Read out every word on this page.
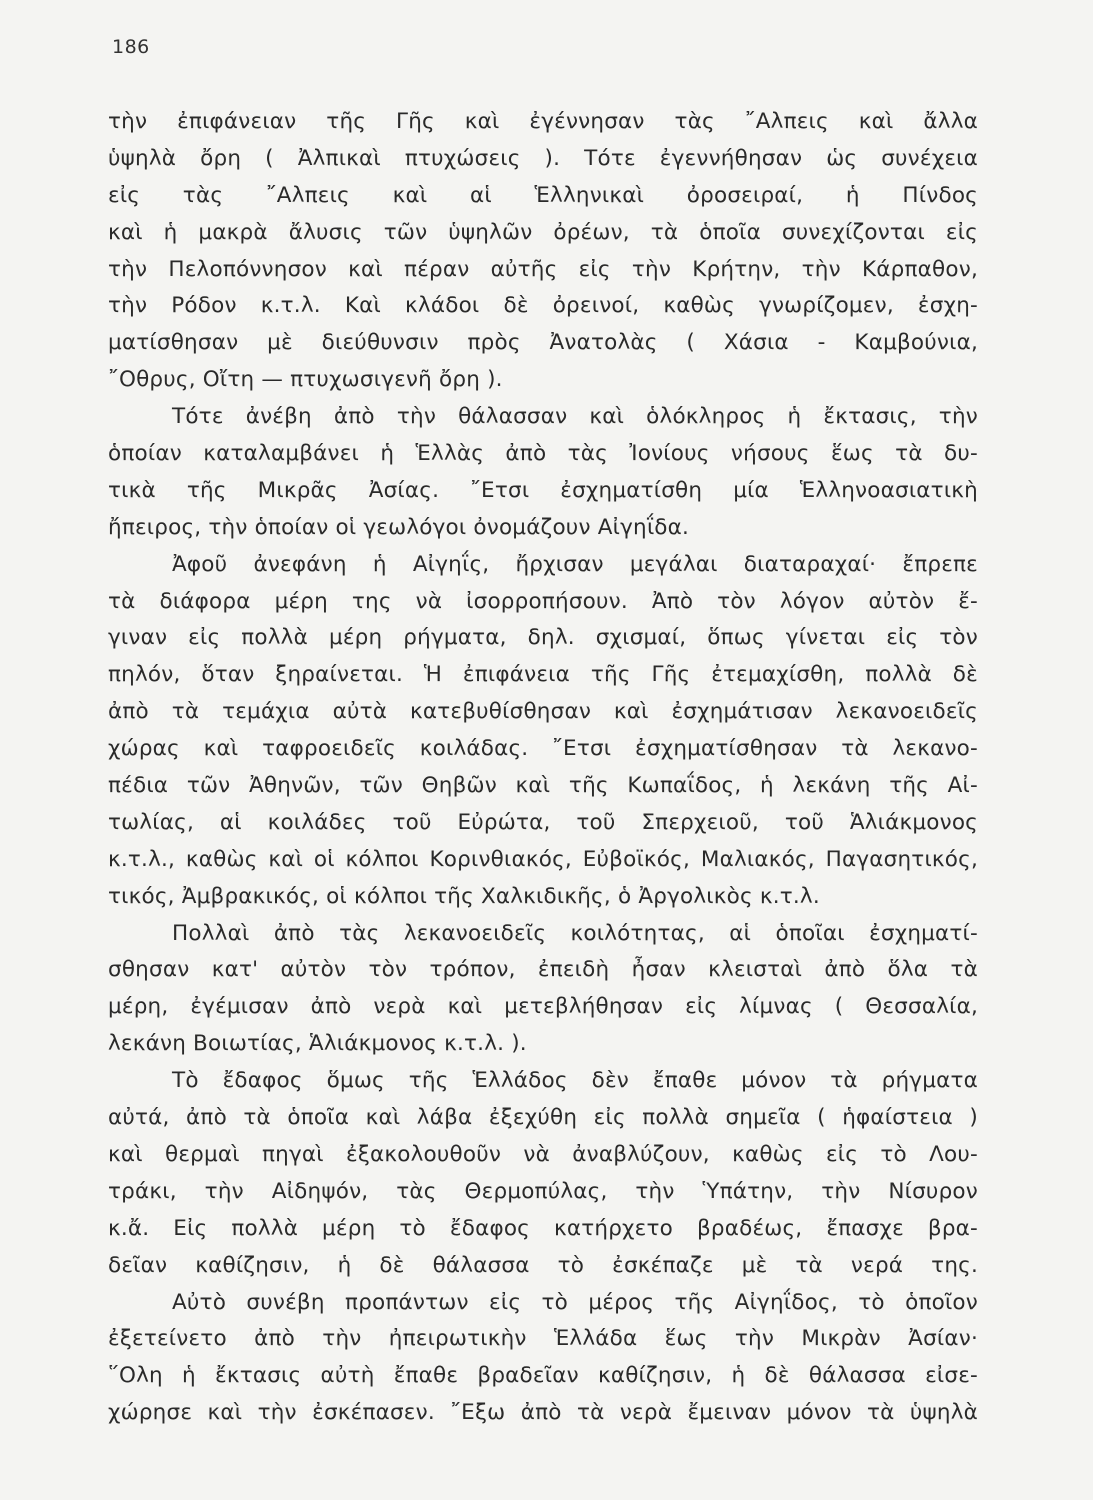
186
τὴν ἐπιφάνειαν τῆς Γῆς καὶ ἐγέννησαν τὰς ῎Αλπεις καὶ ἄλλα
ὑψηλὰ ὄρη ( Ἀλπικαὶ πτυχώσεις ). Τότε ἐγεννήθησαν ὡς συνέχεια
εἰς τὰς ῎Αλπεις καὶ αἱ Ἑλληνικαὶ ὀροσειραί, ἡ Πίνδος
καὶ ἡ μακρὰ ἄλυσις τῶν ὑψηλῶν ὀρέων, τὰ ὁποῖα συνεχίζονται εἰς
τὴν Πελοπόννησον καὶ πέραν αὐτῆς εἰς τὴν Κρήτην, τὴν Κάρπαθον,
τὴν Ρόδον κ.τ.λ. Καὶ κλάδοι δὲ ὀρεινοί, καθὼς γνωρίζομεν, ἐσχη-
ματίσθησαν μὲ διεύθυνσιν πρὸς Ἀνατολὰς ( Χάσια - Καμβούνια,
῎Οθρυς, Οἴτη — πτυχωσιγενῆ ὄρη ).
Τότε ἀνέβη ἀπὸ τὴν θάλασσαν καὶ ὁλόκληρος ἡ ἔκτασις, τὴν
ὁποίαν καταλαμβάνει ἡ Ἑλλὰς ἀπὸ τὰς Ἰονίους νήσους ἕως τὰ δυ-
τικὰ τῆς Μικρᾶς Ἀσίας. ῎Ετσι ἐσχηματίσθη μία Ἑλληνοασιατικὴ
ἤπειρος, τὴν ὁποίαν οἱ γεωλόγοι ὀνομάζουν Αἰγηΐδα.
Ἀφοῦ ἀνεφάνη ἡ Αἰγηΐς, ἤρχισαν μεγάλαι διαταραχαί· ἔπρεπε
τὰ διάφορα μέρη της νὰ ἰσορροπήσουν. Ἀπὸ τὸν λόγον αὐτὸν ἔ-
γιναν εἰς πολλὰ μέρη ρήγματα, δηλ. σχισμαί, ὅπως γίνεται εἰς τὸν
πηλόν, ὅταν ξηραίνεται. Ἡ ἐπιφάνεια τῆς Γῆς ἐτεμαχίσθη, πολλὰ δὲ
ἀπὸ τὰ τεμάχια αὐτὰ κατεβυθίσθησαν καὶ ἐσχημάτισαν λεκανοειδεῖς
χώρας καὶ ταφροειδεῖς κοιλάδας. ῎Ετσι ἐσχηματίσθησαν τὰ λεκανο-
πέδια τῶν Ἀθηνῶν, τῶν Θηβῶν καὶ τῆς Κωπαΐδος, ἡ λεκάνη τῆς Αἰ-
τωλίας, αἱ κοιλάδες τοῦ Εὐρώτα, τοῦ Σπερχειοῦ, τοῦ Ἁλιάκμονος
κ.τ.λ., καθὼς καὶ οἱ κόλποι Κορινθιακός, Εὐβοϊκός, Μαλιακός, Παγασητικός,
τικός, Ἀμβρακικός, οἱ κόλποι τῆς Χαλκιδικῆς, ὁ Ἀργολικὸς κ.τ.λ.
Πολλαὶ ἀπὸ τὰς λεκανοειδεῖς κοιλότητας, αἱ ὁποῖαι ἐσχηματί-
σθησαν κατ' αὐτὸν τὸν τρόπον, ἐπειδὴ ἦσαν κλεισταὶ ἀπὸ ὅλα τὰ
μέρη, ἐγέμισαν ἀπὸ νερὰ καὶ μετεβλήθησαν εἰς λίμνας ( Θεσσαλία,
λεκάνη Βοιωτίας, Ἁλιάκμονος κ.τ.λ. ).
Τὸ ἔδαφος ὅμως τῆς Ἑλλάδος δὲν ἔπαθε μόνον τὰ ρήγματα
αὐτά, ἀπὸ τὰ ὁποῖα καὶ λάβα ἐξεχύθη εἰς πολλὰ σημεῖα ( ἡφαίστεια )
καὶ θερμαὶ πηγαὶ ἐξακολουθοῦν νὰ ἀναβλύζουν, καθὼς εἰς τὸ Λου-
τράκι, τὴν Αἰδηψόν, τὰς Θερμοπύλας, τὴν Ὑπάτην, τὴν Νίσυρον
κ.ἄ. Εἰς πολλὰ μέρη τὸ ἔδαφος κατήρχετο βραδέως, ἔπασχε βρα-
δεῖαν καθίζησιν, ἡ δὲ θάλασσα τὸ ἐσκέπαζε μὲ τὰ νερά της.
Αὐτὸ συνέβη προπάντων εἰς τὸ μέρος τῆς Αἰγηΐδος, τὸ ὁποῖον
ἐξετείνετο ἀπὸ τὴν ἠπειρωτικὴν Ἑλλάδα ἕως τὴν Μικρὰν Ἀσίαν·
῞Ολη ἡ ἔκτασις αὐτὴ ἔπαθε βραδεῖαν καθίζησιν, ἡ δὲ θάλασσα εἰσε-
χώρησε καὶ τὴν ἐσκέπασεν. ῎Εξω ἀπὸ τὰ νερὰ ἔμειναν μόνον τὰ ὑψηλὰ
